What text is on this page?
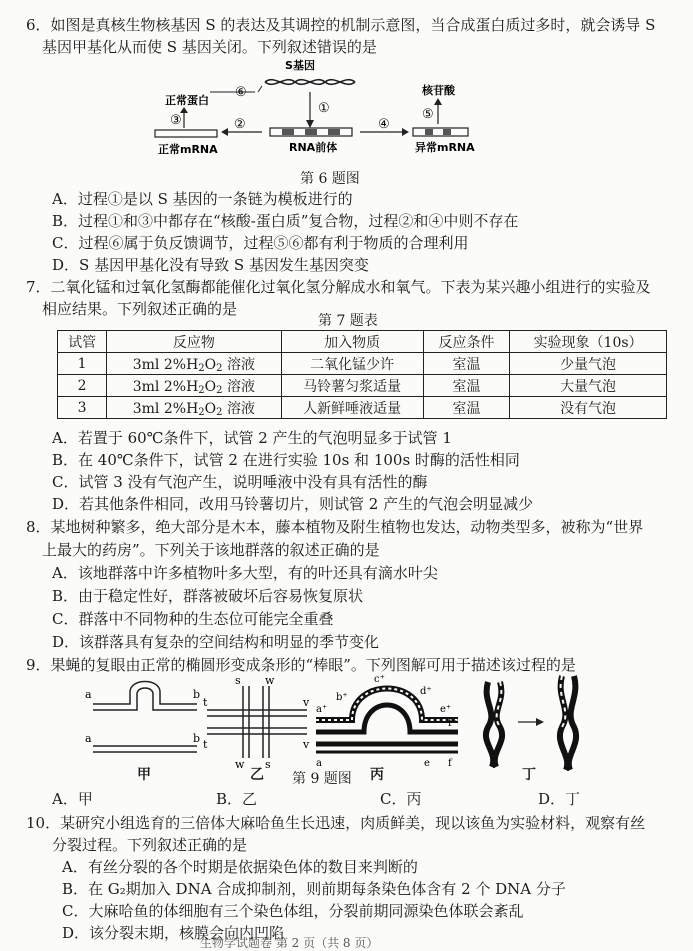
6．如图是真核生物核基因 S 的表达及其调控的机制示意图，当合成蛋白质过多时，就会诱导 S
基因甲基化从而使 S 基因关闭。下列叙述错误的是
S基因
①
⑥
正常蛋白
③
正常mRNA
②
RNA前体
④
异常mRNA
⑤
核苷酸
第 6 题图
A．过程①是以 S 基因的一条链为模板进行的
B．过程①和③中都存在“核酸-蛋白质”复合物，过程②和④中则不存在
C．过程⑥属于负反馈调节，过程⑤⑥都有利于物质的合理利用
D．S 基因甲基化没有导致 S 基因发生基因突变
7．二氧化锰和过氧化氢酶都能催化过氧化氢分解成水和氧气。下表为某兴趣小组进行的实验及
相应结果。下列叙述正确的是
第 7 题表
试管	反应物	加入物质	反应条件	实验现象（10s）
1	3ml $2\%H_2O_2$ 溶液	二氧化锰少许	室温	少量气泡
2	3ml $2\%H_2O_2$ 溶液	马铃薯匀浆适量	室温	大量气泡
3	3ml $2\%H_2O_2$ 溶液	人新鲜唾液适量	室温	没有气泡
A．若置于 60℃条件下，试管 2 产生的气泡明显多于试管 1
B．在 40℃条件下，试管 2 在进行实验 10s 和 100s 时酶的活性相同
C．试管 3 没有气泡产生，说明唾液中没有具有活性的酶
D．若其他条件相同，改用马铃薯切片，则试管 2 产生的气泡会明显减少
8．某地树种繁多，绝大部分是木本，藤本植物及附生植物也发达，动物类型多，被称为“世界
上最大的药房”。下列关于该地群落的叙述正确的是
A．该地群落中许多植物叶多大型，有的叶还具有滴水叶尖
B．由于稳定性好，群落被破坏后容易恢复原状
C．群落中不同物种的生态位可能完全重叠
D．该群落具有复杂的空间结构和明显的季节变化
9．果蝇的复眼由正常的椭圆形变成条形的“棒眼”。下列图解可用于描述该过程的是
a	b
a	b
甲
s w
t	v
t	v
w s
乙
c⁺
d⁺
b⁺
a⁺	e⁺
f⁺
a	e f
丙	丁
第 9 题图
A．甲	B．乙	C．丙	D．丁
10．某研究小组选育的三倍体大麻哈鱼生长迅速，肉质鲜美，现以该鱼为实验材料，观察有丝
分裂过程。下列叙述正确的是
A．有丝分裂的各个时期是依据染色体的数目来判断的
B．在 G₂期加入 DNA 合成抑制剂，则前期每条染色体含有 2 个 DNA 分子
C．大麻哈鱼的体细胞有三个染色体组，分裂前期同源染色体联会紊乱
D．该分裂末期，核膜会向内凹陷
生物学试题卷 第 2 页（共 8 页）
